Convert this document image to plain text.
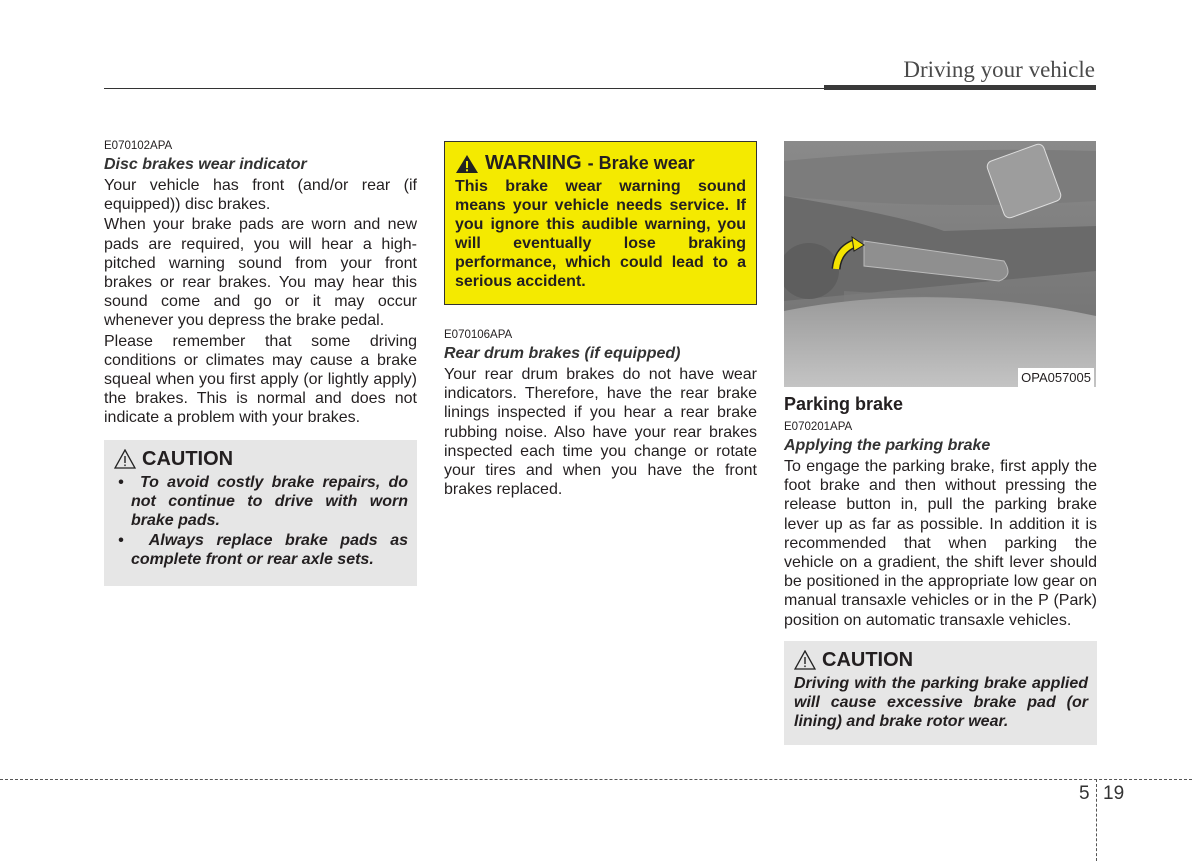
Driving your vehicle
E070102APA
Disc brakes wear indicator

Your vehicle has front (and/or rear (if equipped)) disc brakes.

When your brake pads are worn and new pads are required, you will hear a high-pitched warning sound from your front brakes or rear brakes. You may hear this sound come and go or it may occur whenever you depress the brake pedal.

Please remember that some driving conditions or climates may cause a brake squeal when you first apply (or lightly apply) the brakes. This is normal and does not indicate a problem with your brakes.

CAUTION
•  To avoid costly brake repairs, do not continue to drive with worn brake pads.
•  Always replace brake pads as complete front or rear axle sets.
WARNING - Brake wear
This brake wear warning sound means your vehicle needs service. If you ignore this audible warning, you will eventually lose braking performance, which could lead to a serious accident.
E070106APA
Rear drum brakes (if equipped)

Your rear drum brakes do not have wear indicators. Therefore, have the rear brake linings inspected if you hear a rear brake rubbing noise. Also have your rear brakes inspected each time you change or rotate your tires and when you have the front brakes replaced.

OPA057005
Parking brake
E070201APA
Applying the parking brake

To engage the parking brake, first apply the foot brake and then without pressing the release button in, pull the parking brake lever up as far as possible. In addition it is recommended that when parking the vehicle on a gradient, the shift lever should be positioned in the appropriate low gear on manual transaxle vehicles or in the P (Park) position on automatic transaxle vehicles.

CAUTION
Driving with the parking brake applied will cause excessive brake pad (or lining) and brake rotor wear.
5 19
